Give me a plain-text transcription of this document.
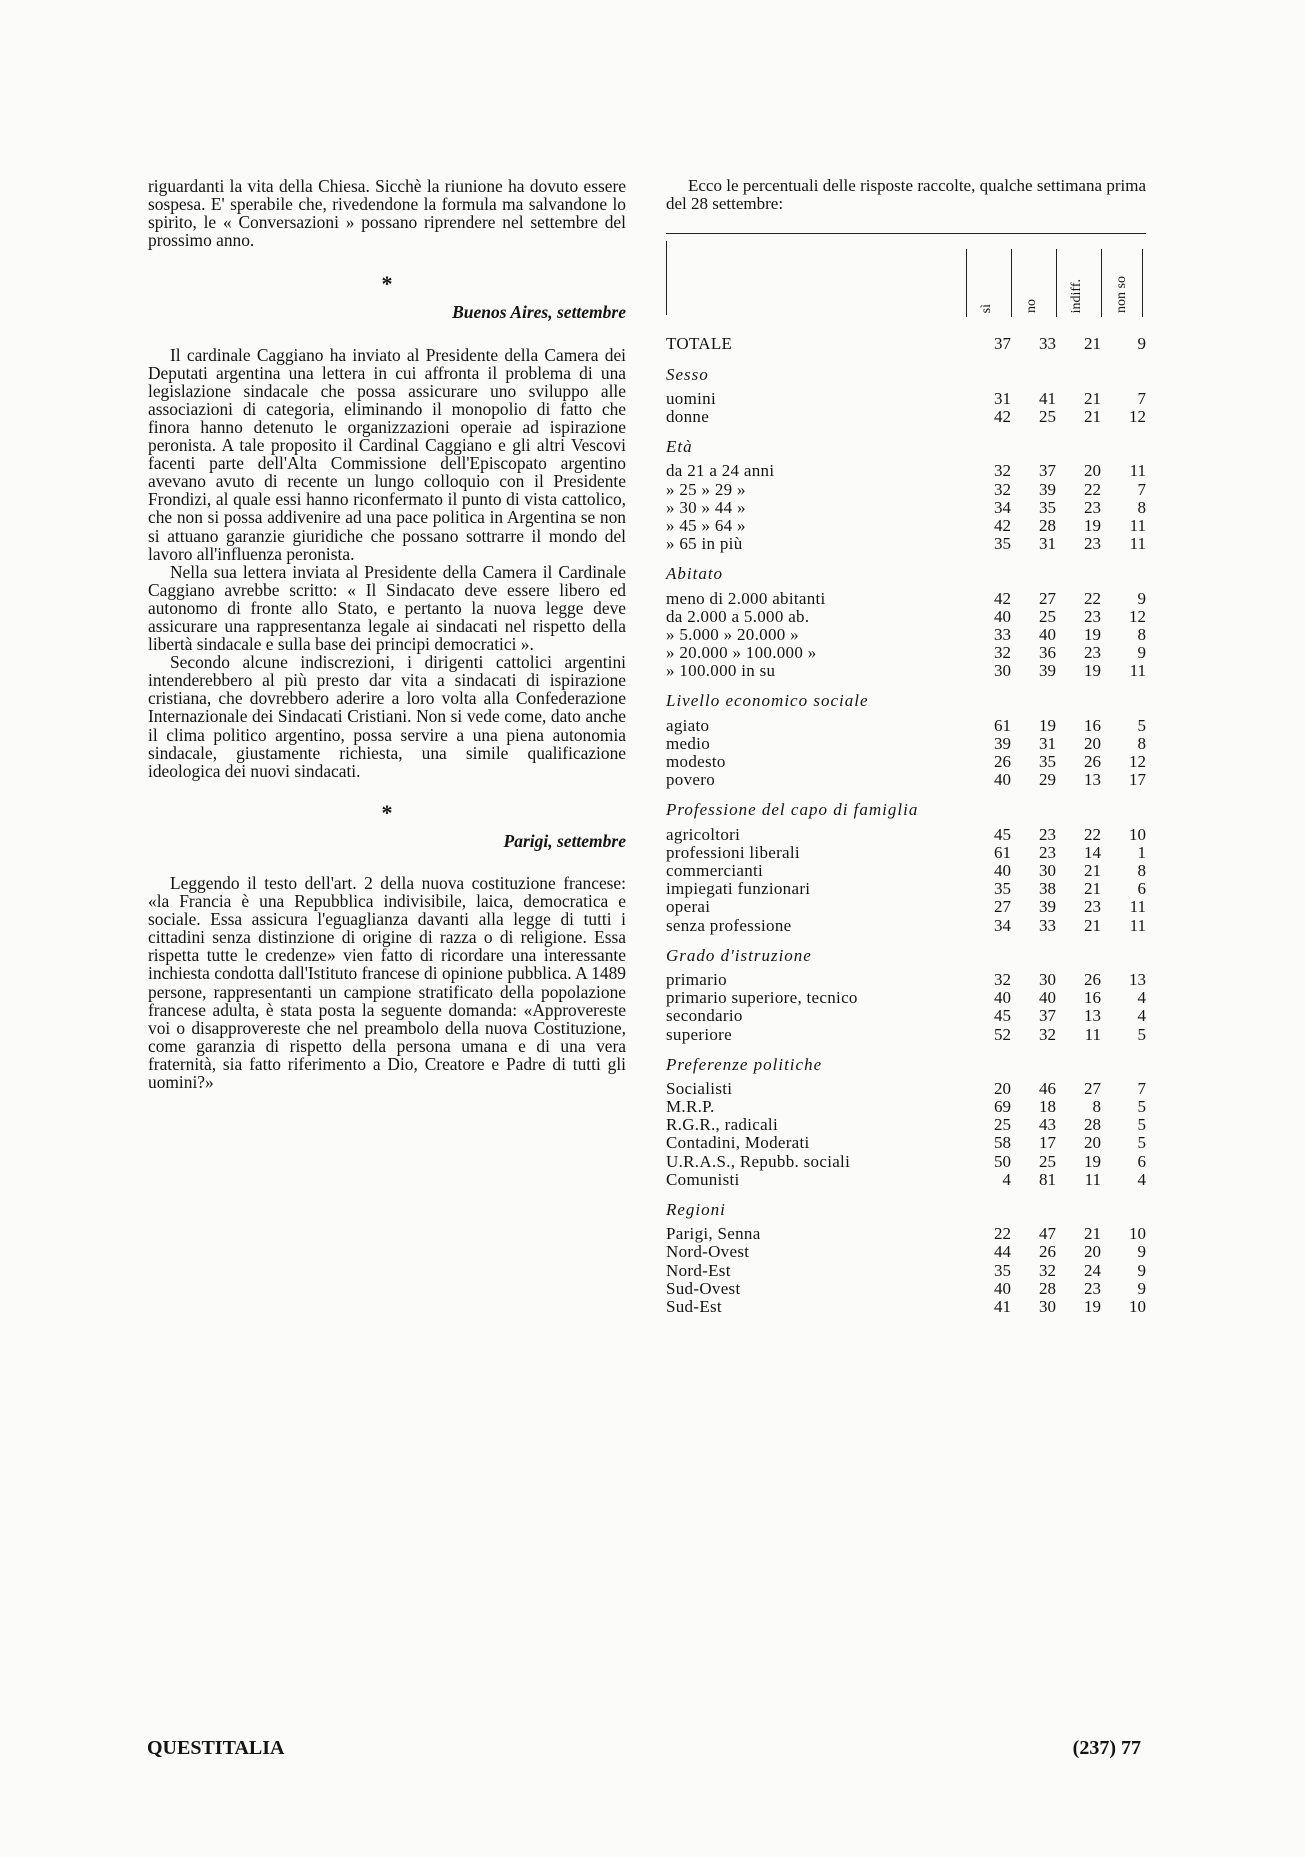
riguardanti la vita della Chiesa. Sicchè la riunione ha dovuto essere sospesa. E' sperabile che, rivedendone la formula ma salvandone lo spirito, le « Conversazioni » possano riprendere nel settembre del prossimo anno.

*
Buenos Aires, settembre

Il cardinale Caggiano ha inviato al Presidente della Camera dei Deputati argentina una lettera in cui affronta il problema di una legislazione sindacale che possa assicurare uno sviluppo alle associazioni di categoria, eliminando il monopolio di fatto che finora hanno detenuto le organizzazioni operaie ad ispirazione peronista. A tale proposito il Cardinal Caggiano e gli altri Vescovi facenti parte dell'Alta Commissione dell'Episcopato argentino avevano avuto di recente un lungo colloquio con il Presidente Frondizi, al quale essi hanno riconfermato il punto di vista cattolico, che non si possa addivenire ad una pace politica in Argentina se non si attuano garanzie giuridiche che possano sottrarre il mondo del lavoro all'influenza peronista.

Nella sua lettera inviata al Presidente della Camera il Cardinale Caggiano avrebbe scritto: « Il Sindacato deve essere libero ed autonomo di fronte allo Stato, e pertanto la nuova legge deve assicurare una rappresentanza legale ai sindacati nel rispetto della libertà sindacale e sulla base dei principi democratici ».

Secondo alcune indiscrezioni, i dirigenti cattolici argentini intenderebbero al più presto dar vita a sindacati di ispirazione cristiana, che dovrebbero aderire a loro volta alla Confederazione Internazionale dei Sindacati Cristiani. Non si vede come, dato anche il clima politico argentino, possa servire a una piena autonomia sindacale, giustamente richiesta, una simile qualificazione ideologica dei nuovi sindacati.

*
Parigi, settembre

Leggendo il testo dell'art. 2 della nuova costituzione francese: «la Francia è una Repubblica indivisibile, laica, democratica e sociale. Essa assicura l'eguaglianza davanti alla legge di tutti i cittadini senza distinzione di origine di razza o di religione. Essa rispetta tutte le credenze» vien fatto di ricordare una interessante inchiesta condotta dall'Istituto francese di opinione pubblica. A 1489 persone, rappresentanti un campione stratificato della popolazione francese adulta, è stata posta la seguente domanda: «Approvereste voi o disapprovereste che nel preambolo della nuova Costituzione, come garanzia di rispetto della persona umana e di una vera fraternità, sia fatto riferimento a Dio, Creatore e Padre di tutti gli uomini?»

Ecco le percentuali delle risposte raccolte, qualche settimana prima del 28 settembre:

sì no indiff. non so
TOTALE	37	33	21	9
Sesso
uomini	31	41	21	7
donne	42	25	21	12
Età
da 21 a 24 anni	32	37	20	11
» 25 » 29 »	32	39	22	7
» 30 » 44 »	34	35	23	8
» 45 » 64 »	42	28	19	11
» 65 in più	35	31	23	11
Abitato
meno di 2.000 abitanti	42	27	22	9
da 2.000 a 5.000 ab.	40	25	23	12
» 5.000 » 20.000 »	33	40	19	8
» 20.000 » 100.000 »	32	36	23	9
» 100.000 in su	30	39	19	11
Livello economico sociale
agiato	61	19	16	5
medio	39	31	20	8
modesto	26	35	26	12
povero	40	29	13	17
Professione del capo di famiglia
agricoltori	45	23	22	10
professioni liberali	61	23	14	1
commercianti	40	30	21	8
impiegati funzionari	35	38	21	6
operai	27	39	23	11
senza professione	34	33	21	11
Grado d'istruzione
primario	32	30	26	13
primario superiore, tecnico	40	40	16	4
secondario	45	37	13	4
superiore	52	32	11	5
Preferenze politiche
Socialisti	20	46	27	7
M.R.P.	69	18	8	5
R.G.R., radicali	25	43	28	5
Contadini, Moderati	58	17	20	5
U.R.A.S., Repubb. sociali	50	25	19	6
Comunisti	4	81	11	4
Regioni
Parigi, Senna	22	47	21	10
Nord-Ovest	44	26	20	9
Nord-Est	35	32	24	9
Sud-Ovest	40	28	23	9
Sud-Est	41	30	19	10
QUESTITALIA	(237) 77
